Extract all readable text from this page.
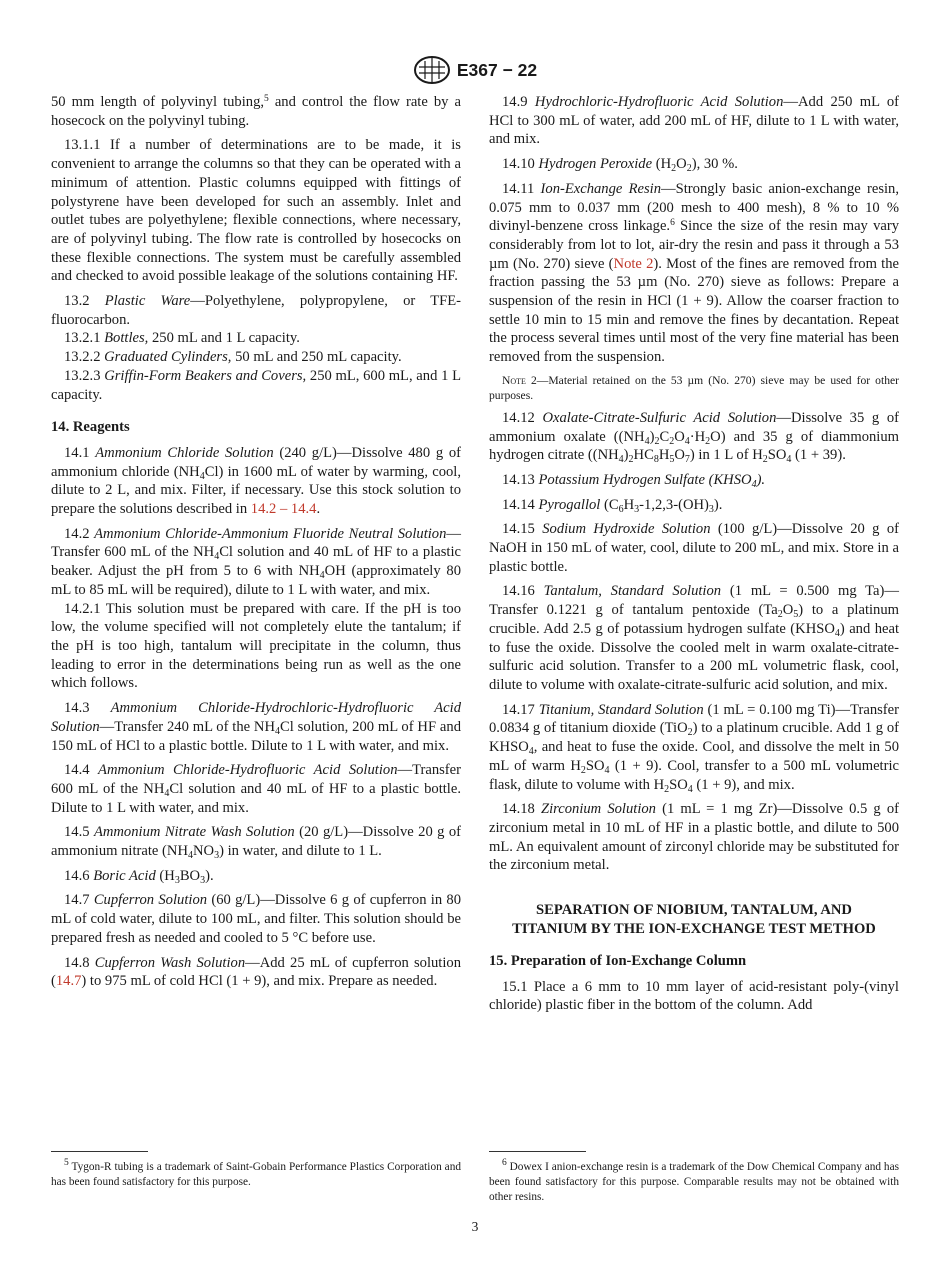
E367 − 22

50 mm length of polyvinyl tubing,$^5$ and control the flow rate by a hosecock on the polyvinyl tubing.

13.1.1 If a number of determinations are to be made, it is convenient to arrange the columns so that they can be operated with a minimum of attention. Plastic columns equipped with fittings of polystyrene have been developed for such an assembly. Inlet and outlet tubes are polyethylene; flexible connections, where necessary, are of polyvinyl tubing. The flow rate is controlled by hosecocks on these flexible connections. The system must be carefully assembled and checked to avoid possible leakage of the solutions containing HF.

13.2 Plastic Ware—Polyethylene, polypropylene, or TFE-fluorocarbon.

13.2.1 Bottles, 250 mL and 1 L capacity.

13.2.2 Graduated Cylinders, 50 mL and 250 mL capacity.

13.2.3 Griffin-Form Beakers and Covers, 250 mL, 600 mL, and 1 L capacity.

14. Reagents

14.1 Ammonium Chloride Solution (240 g/L)—Dissolve 480 g of ammonium chloride $(NH_4Cl)$ in 1600 mL of water by warming, cool, dilute to 2 L, and mix. Filter, if necessary. Use this stock solution to prepare the solutions described in 14.2 – 14.4.

14.2 Ammonium Chloride-Ammonium Fluoride Neutral Solution—Transfer 600 mL of the $NH_4Cl$ solution and 40 mL of HF to a plastic beaker. Adjust the pH from 5 to 6 with $NH_4OH$ (approximately 80 mL to 85 mL will be required), dilute to 1 L with water, and mix.

14.2.1 This solution must be prepared with care. If the pH is too low, the volume specified will not completely elute the tantalum; if the pH is too high, tantalum will precipitate in the column, thus leading to error in the determinations being run as well as the one which follows.

14.3 Ammonium Chloride-Hydrochloric-Hydrofluoric Acid Solution—Transfer 240 mL of the $NH_4Cl$ solution, 200 mL of HF and 150 mL of HCl to a plastic bottle. Dilute to 1 L with water, and mix.

14.4 Ammonium Chloride-Hydrofluoric Acid Solution—Transfer 600 mL of the $NH_4Cl$ solution and 40 mL of HF to a plastic bottle. Dilute to 1 L with water, and mix.

14.5 Ammonium Nitrate Wash Solution (20 g/L)—Dissolve 20 g of ammonium nitrate $(NH_4NO_3)$ in water, and dilute to 1 L.

14.6 Boric Acid $(H_3BO_3)$.

14.7 Cupferron Solution (60 g/L)—Dissolve 6 g of cupferron in 80 mL of cold water, dilute to 100 mL, and filter. This solution should be prepared fresh as needed and cooled to 5 °C before use.

14.8 Cupferron Wash Solution—Add 25 mL of cupferron solution (14.7) to 975 mL of cold HCl (1 + 9), and mix. Prepare as needed.

$^5$ Tygon-R tubing is a trademark of Saint-Gobain Performance Plastics Corporation and has been found satisfactory for this purpose.

14.9 Hydrochloric-Hydrofluoric Acid Solution—Add 250 mL of HCl to 300 mL of water, add 200 mL of HF, dilute to 1 L with water, and mix.

14.10 Hydrogen Peroxide $(H_2O_2)$, 30 %.

14.11 Ion-Exchange Resin—Strongly basic anion-exchange resin, 0.075 mm to 0.037 mm (200 mesh to 400 mesh), 8 % to 10 % divinyl-benzene cross linkage.$^6$ Since the size of the resin may vary considerably from lot to lot, air-dry the resin and pass it through a 53 µm (No. 270) sieve (Note 2). Most of the fines are removed from the fraction passing the 53 µm (No. 270) sieve as follows: Prepare a suspension of the resin in HCl (1 + 9). Allow the coarser fraction to settle 10 min to 15 min and remove the fines by decantation. Repeat the process several times until most of the very fine material has been removed from the suspension.

Note 2—Material retained on the 53 µm (No. 270) sieve may be used for other purposes.

14.12 Oxalate-Citrate-Sulfuric Acid Solution—Dissolve 35 g of ammonium oxalate $((NH_4)_2C_2O_4\cdot H_2O)$ and 35 g of diammonium hydrogen citrate $((NH_4)_2HC_8H_5O_7)$ in 1 L of $H_2SO_4$ (1 + 39).

14.13 Potassium Hydrogen Sulfate $(KHSO_4)$.

14.14 Pyrogallol $(C_6H_3-1,2,3-(OH)_3)$.

14.15 Sodium Hydroxide Solution (100 g/L)—Dissolve 20 g of NaOH in 150 mL of water, cool, dilute to 200 mL, and mix. Store in a plastic bottle.

14.16 Tantalum, Standard Solution (1 mL = 0.500 mg Ta)—Transfer 0.1221 g of tantalum pentoxide $(Ta_2O_5)$ to a platinum crucible. Add 2.5 g of potassium hydrogen sulfate $(KHSO_4)$ and heat to fuse the oxide. Dissolve the cooled melt in warm oxalate-citrate-sulfuric acid solution. Transfer to a 200 mL volumetric flask, cool, dilute to volume with oxalate-citrate-sulfuric acid solution, and mix.

14.17 Titanium, Standard Solution (1 mL = 0.100 mg Ti)—Transfer 0.0834 g of titanium dioxide (TiO$_2$) to a platinum crucible. Add 1 g of $KHSO_4$, and heat to fuse the oxide. Cool, and dissolve the melt in 50 mL of warm $H_2SO_4$ (1 + 9). Cool, transfer to a 500 mL volumetric flask, dilute to volume with $H_2SO_4$ (1 + 9), and mix.

14.18 Zirconium Solution (1 mL = 1 mg Zr)—Dissolve 0.5 g of zirconium metal in 10 mL of HF in a plastic bottle, and dilute to 500 mL. An equivalent amount of zirconyl chloride may be substituted for the zirconium metal.

SEPARATION OF NIOBIUM, TANTALUM, AND TITANIUM BY THE ION-EXCHANGE TEST METHOD
15. Preparation of Ion-Exchange Column

15.1 Place a 6 mm to 10 mm layer of acid-resistant poly-(vinyl chloride) plastic fiber in the bottom of the column. Add

$^6$ Dowex I anion-exchange resin is a trademark of the Dow Chemical Company and has been found satisfactory for this purpose. Comparable results may not be obtained with other resins.
3
